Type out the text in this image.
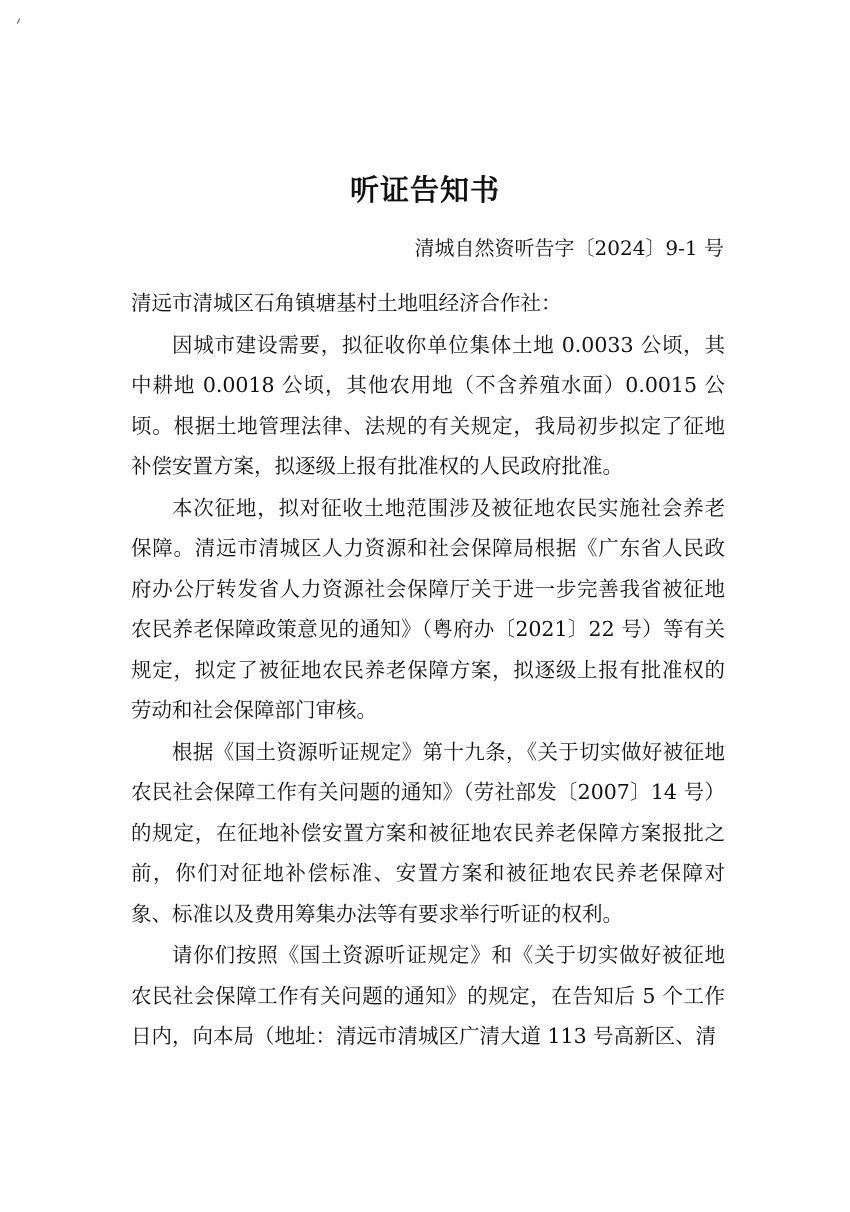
听证告知书
清城自然资听告字〔2024〕9-1 号

清远市清城区石角镇塘基村土地咀经济合作社：

因城市建设需要，拟征收你单位集体土地 0.0033 公顷，其中耕地 0.0018 公顷，其他农用地（不含养殖水面）0.0015 公顷。根据土地管理法律、法规的有关规定，我局初步拟定了征地补偿安置方案，拟逐级上报有批准权的人民政府批准。

本次征地，拟对征收土地范围涉及被征地农民实施社会养老保障。清远市清城区人力资源和社会保障局根据《广东省人民政府办公厅转发省人力资源社会保障厅关于进一步完善我省被征地农民养老保障政策意见的通知》（粤府办〔2021〕22 号）等有关规定，拟定了被征地农民养老保障方案，拟逐级上报有批准权的劳动和社会保障部门审核。

根据《国土资源听证规定》第十九条，《关于切实做好被征地农民社会保障工作有关问题的通知》（劳社部发〔2007〕14 号）的规定，在征地补偿安置方案和被征地农民养老保障方案报批之前，你们对征地补偿标准、安置方案和被征地农民养老保障对象、标准以及费用筹集办法等有要求举行听证的权利。

请你们按照《国土资源听证规定》和《关于切实做好被征地农民社会保障工作有关问题的通知》的规定，在告知后 5 个工作日内，向本局（地址：清远市清城区广清大道 113 号高新区、清
